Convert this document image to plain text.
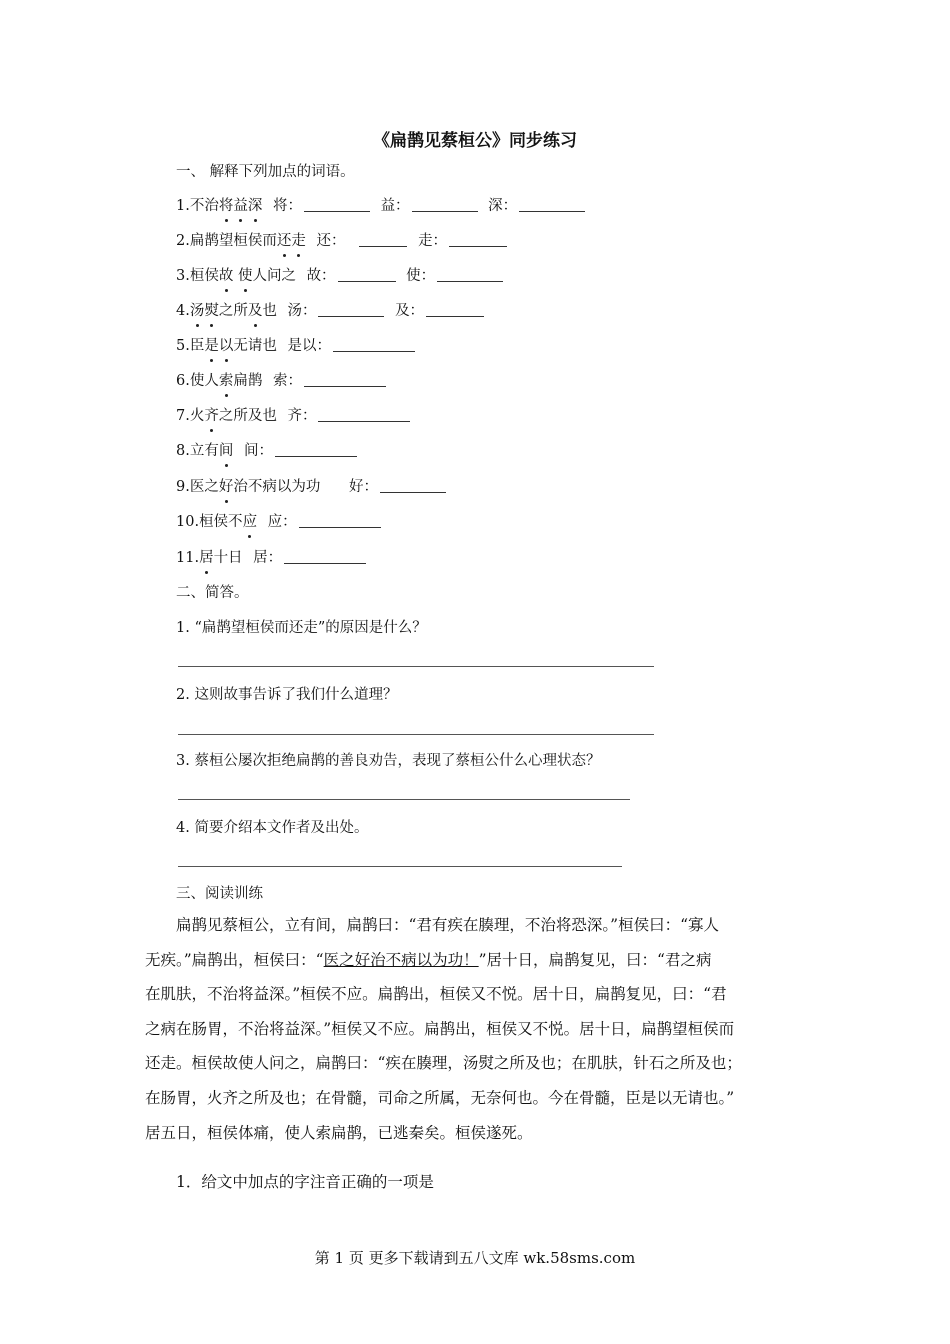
《扁鹊见蔡桓公》同步练习
一、 解释下列加点的词语。
1.不治将益深 将：	益：	深：
2.扁鹊望桓侯而还走 还：	走：
3.桓侯故 使人问之 故：	使：
4.汤熨之所及也 汤：	及：
5.臣是以无请也 是以：
6.使人索扁鹊 索：
7.火齐之所及也 齐：
8.立有间 间：
9.医之好治不病以为功 好：
10.桓侯不应 应：
11.居十日 居：
二、简答。
1. “扁鹊望桓侯而还走”的原因是什么？
2. 这则故事告诉了我们什么道理？
3. 蔡桓公屡次拒绝扁鹊的善良劝告，表现了蔡桓公什么心理状态？
4. 简要介绍本文作者及出处。
三、阅读训练
扁鹊见蔡桓公，立有间，扁鹊曰：“君有疾在腠理，不治将恐深。”桓侯曰：“寡人
无疾。”扁鹊出，桓侯曰：“医之好治不病以为功！”居十日，扁鹊复见，曰：“君之病
在肌肤，不治将益深。”桓侯不应。扁鹊出，桓侯又不悦。居十日，扁鹊复见，曰：“君
之病在肠胃，不治将益深。”桓侯又不应。扁鹊出，桓侯又不悦。居十日，扁鹊望桓侯而
还走。桓侯故使人问之，扁鹊曰：“疾在腠理，汤熨之所及也；在肌肤，针石之所及也；
在肠胃，火齐之所及也；在骨髓，司命之所属，无奈何也。今在骨髓，臣是以无请也。”
居五日，桓侯体痛，使人索扁鹊，已逃秦矣。桓侯遂死。
1．给文中加点的字注音正确的一项是
第 1 页 更多下载请到五八文库 wk.58sms.com
